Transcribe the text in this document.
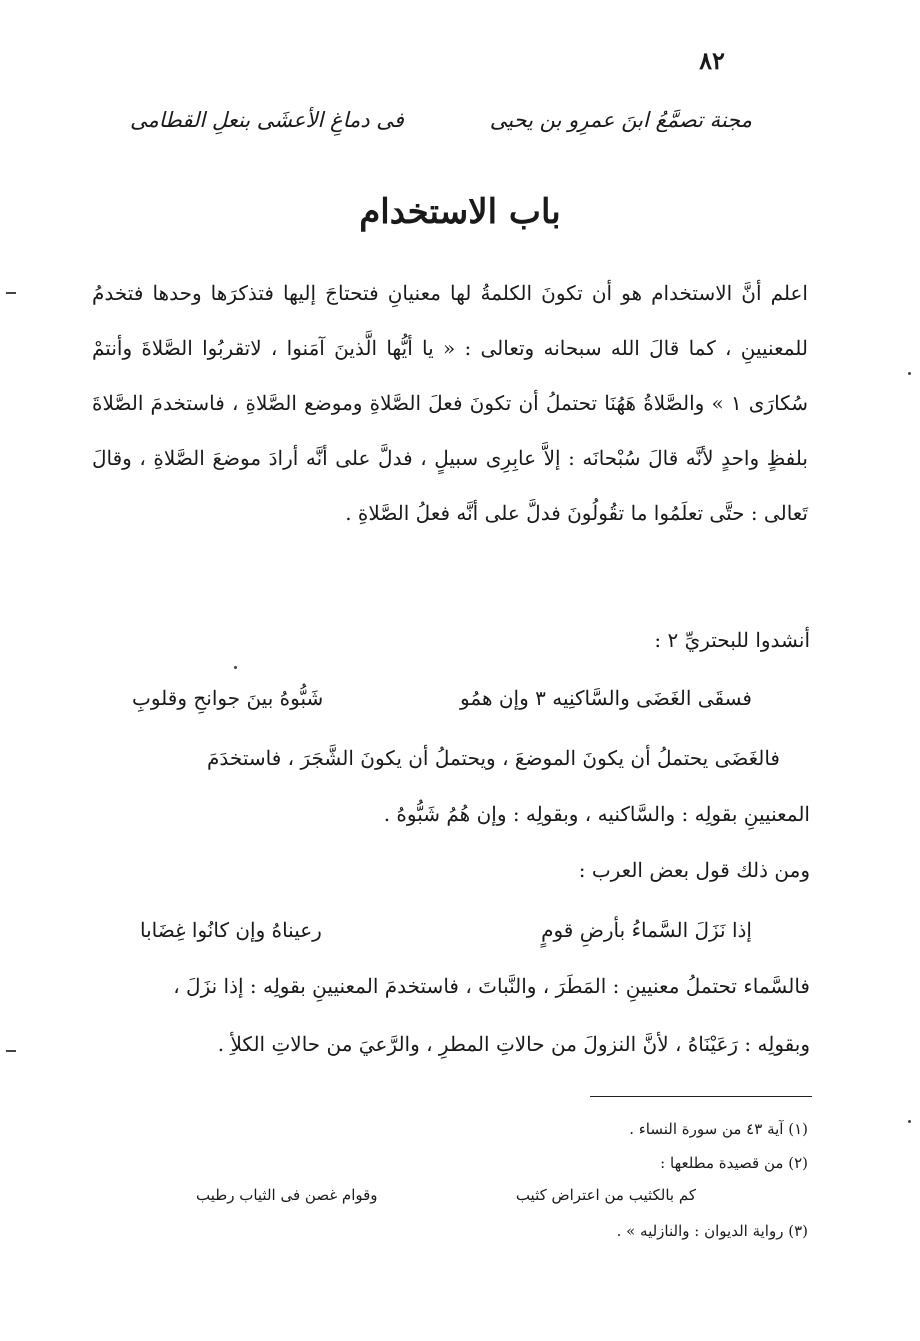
٨٢
مجنة تصمَّعُ ابنَ عمرِو بن يحيى
فى دماغِ الأعشَى بنعلِ القطامى
باب الاستخدام
اعلم أنَّ الاستخدام هو أن تكونَ الكلمةُ لها معنيانِ فتحتاجَ إليها فتذكرَها وحدها فتخدمُ للمعنيينِ ، كما قالَ الله سبحانه وتعالى : « يا أيُّها الَّذينَ آمَنوا ، لاتقربُوا الصَّلاةَ وأنتمْ سُكارَى ١ » والصَّلاةُ هَهُنَا تحتملُ أن تكونَ فعلَ الصَّلاةِ وموضع الصَّلاةِ ، فاستخدمَ الصَّلاةَ بلفظٍ واحدٍ لأنَّه قالَ سُبْحانَه : إلاَّ عابِرِى سبيلٍ ، فدلَّ على أنَّه أرادَ موضعَ الصَّلاةِ ، وقالَ تَعالى : حتَّى تعلَمُوا ما تقُولُونَ فدلَّ على أنَّه فعلُ الصَّلاةِ .
أنشدوا للبحتريِّ ٢ :
فسقَى الغَضَى والسَّاكنِيه ٣ وإن همُو
شَبُّوهُ بينَ جوانحِ وقلوبِ
فالغَضَى يحتملُ أن يكونَ الموضعَ ، ويحتملُ أن يكونَ الشَّجَرَ ، فاستخدَمَ
المعنيينِ بقولِه : والسَّاكنيه ، وبقولِه : وإن هُمُ شَبُّوهُ .
ومن ذلك قول بعض العرب :
إذا نَزَلَ السَّماءُ بأرضِ قومٍ
رعيناهُ وإن كانُوا غِضَابا
فالسَّماء تحتملُ معنيينِ : المَطَرَ ، والنَّباتَ ، فاستخدمَ المعنيينِ بقولِه : إذا نزَلَ ،
وبقولِه : رَعَيْنَاهُ ، لأنَّ النزولَ من حالاتِ المطرِ ، والرَّعيَ من حالاتِ الكلأِ .
(١) آية ٤٣ من سورة النساء .
(٢) من قصيدة مطلعها :
كم بالكثيب من اعتراض كثيب
وقوام غصن فى الثياب رطيب
(٣) رواية الديوان : والنازليه » .
